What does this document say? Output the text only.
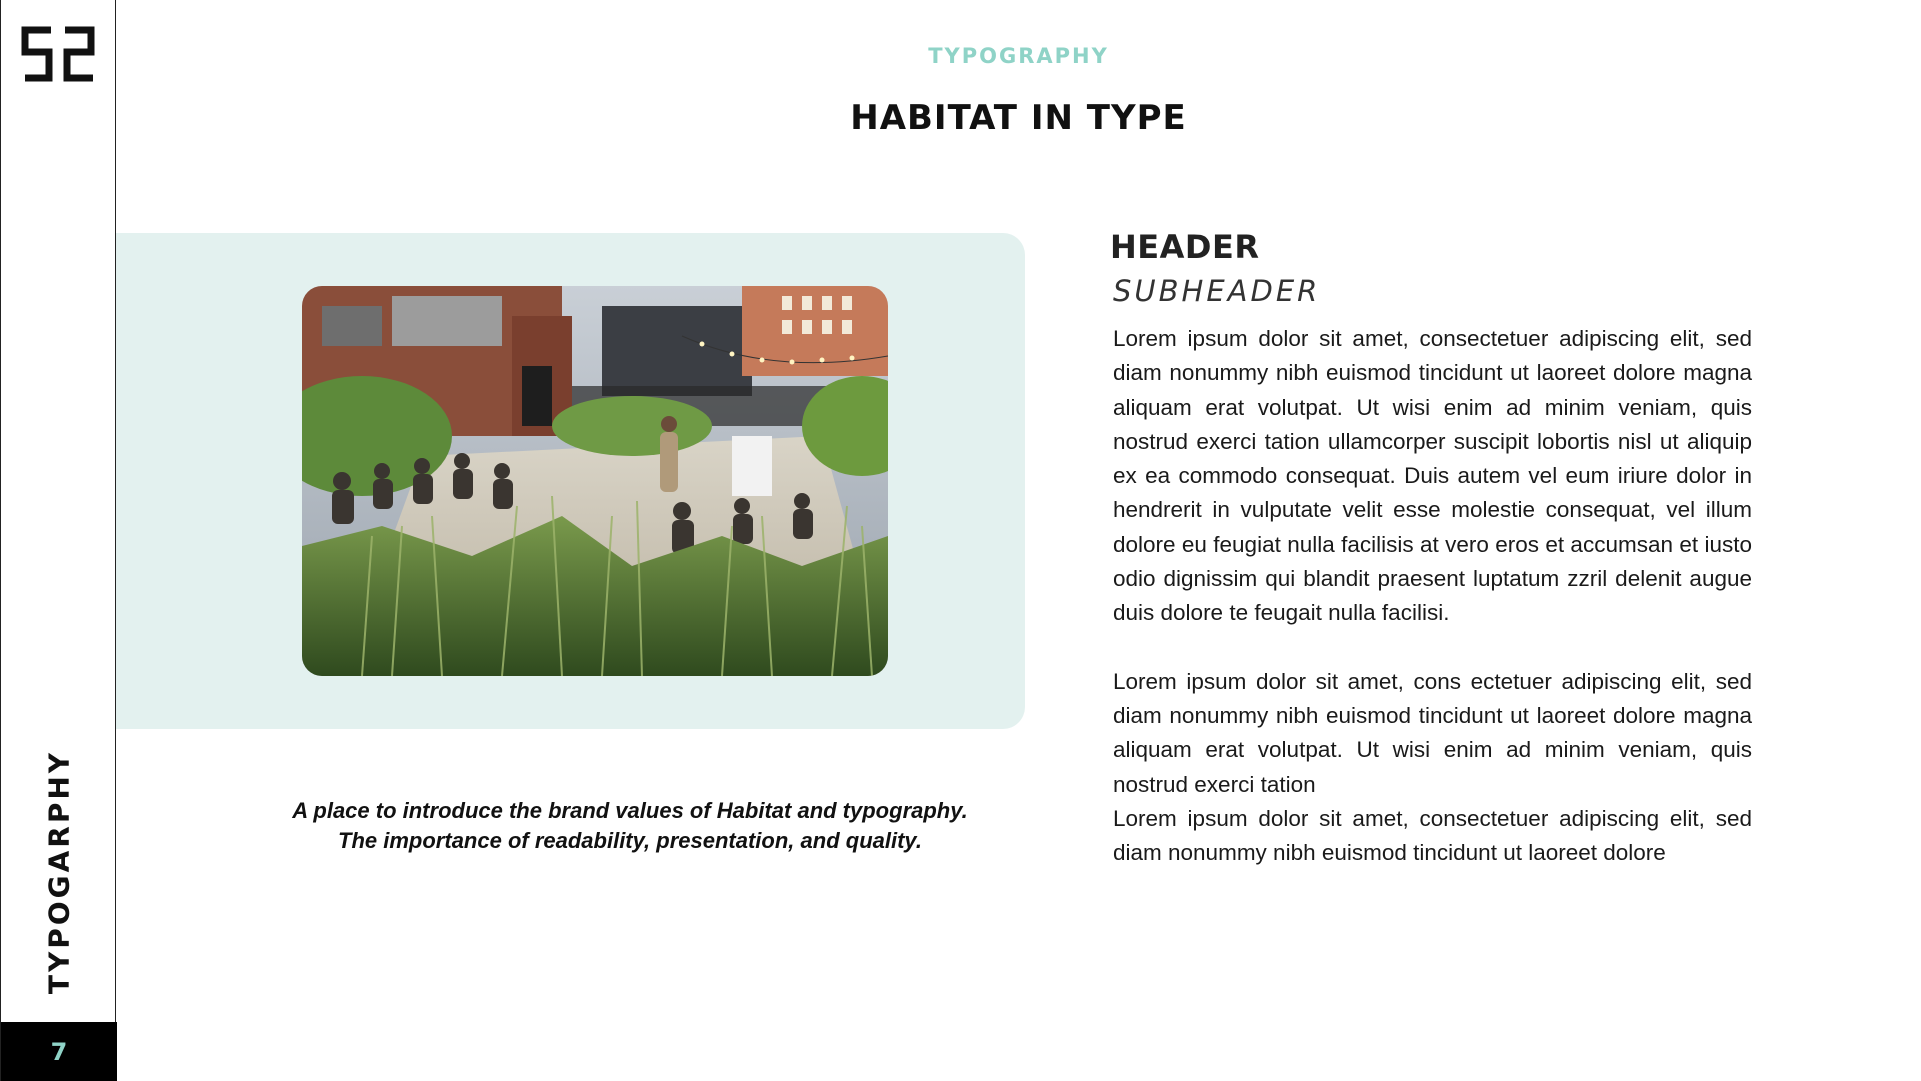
TYPOGARPHY
7
TYPOGRAPHY
HABITAT IN TYPE
A place to introduce the brand values of Habitat and typography.
The importance of readability, presentation, and quality.
HEADER
SUBHEADER

Lorem ipsum dolor sit amet, consectetuer adipiscing elit, sed diam nonummy nibh euismod tincidunt ut laoreet dolore magna aliquam erat volutpat. Ut wisi enim ad minim veniam, quis nostrud exerci tation ullamcorper suscipit lobortis nisl ut aliquip ex ea commodo consequat. Duis autem vel eum iriure dolor in hendrerit in vulputate velit esse molestie consequat, vel illum dolore eu feugiat nulla facilisis at vero eros et accumsan et iusto odio dignissim qui blandit praesent luptatum zzril delenit augue duis dolore te feugait nulla facilisi.

Lorem ipsum dolor sit amet, cons ectetuer adipiscing elit, sed diam nonummy nibh euismod tincidunt ut laoreet dolore magna aliquam erat volutpat. Ut wisi enim ad minim veniam, quis nostrud exerci tation

Lorem ipsum dolor sit amet, consectetuer adipiscing elit, sed diam nonummy nibh euismod tincidunt ut laoreet dolore
